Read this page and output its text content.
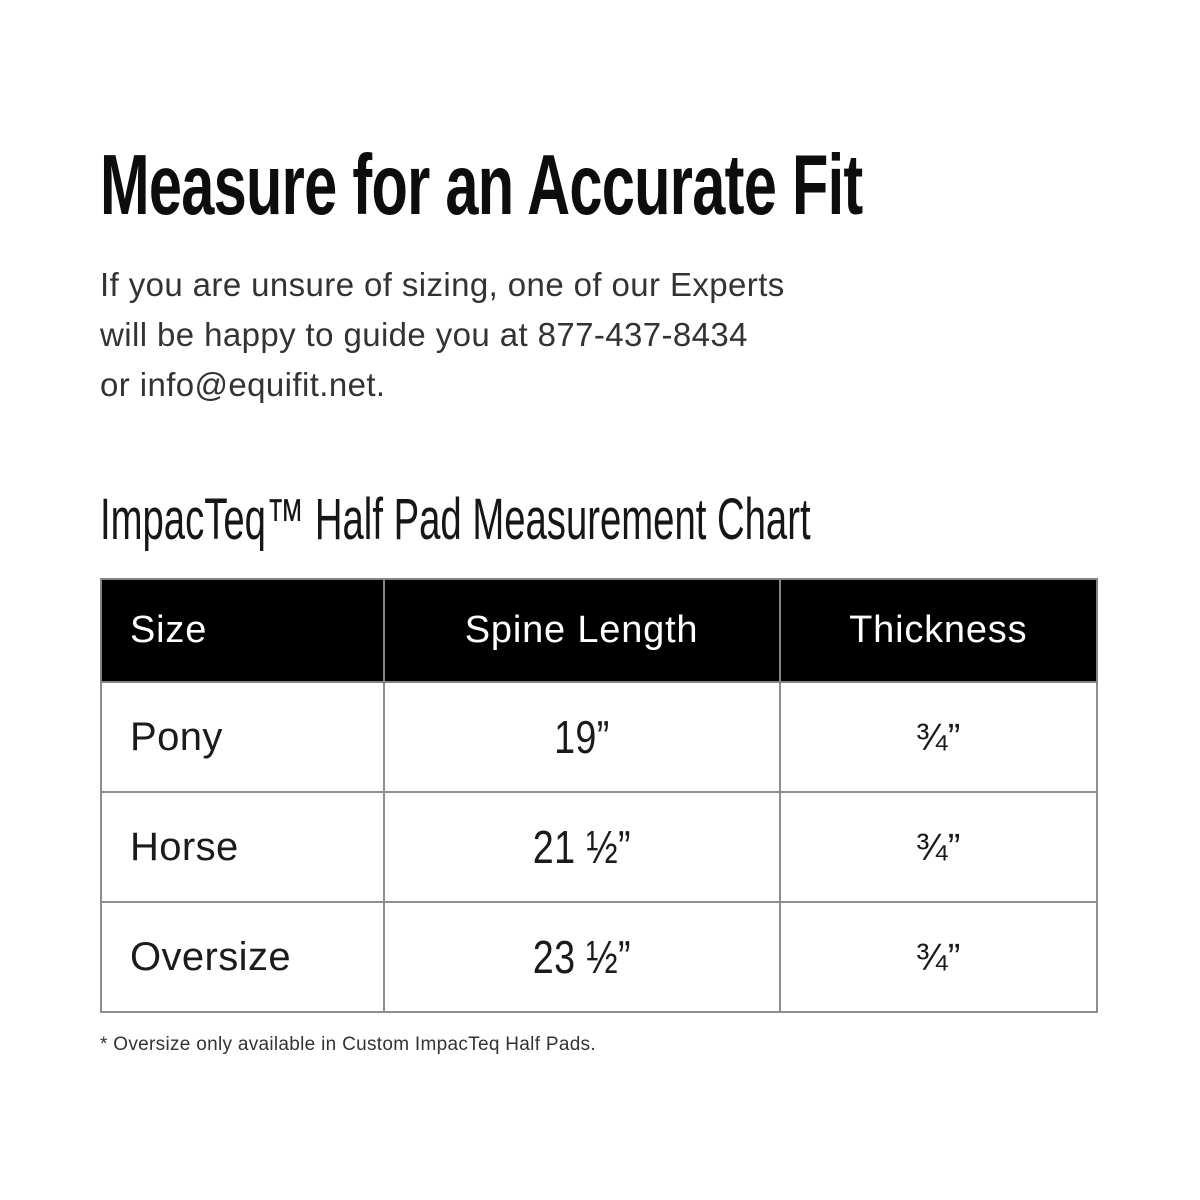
Measure for an Accurate Fit
If you are unsure of sizing, one of our Experts
will be happy to guide you at 877-437-8434
or info@equifit.net.
ImpacTeq™ Half Pad Measurement Chart
Size	Spine Length	Thickness
Pony	19”	¾”
Horse	21 ½”	¾”
Oversize	23 ½”	¾”

* Oversize only available in Custom ImpacTeq Half Pads.
